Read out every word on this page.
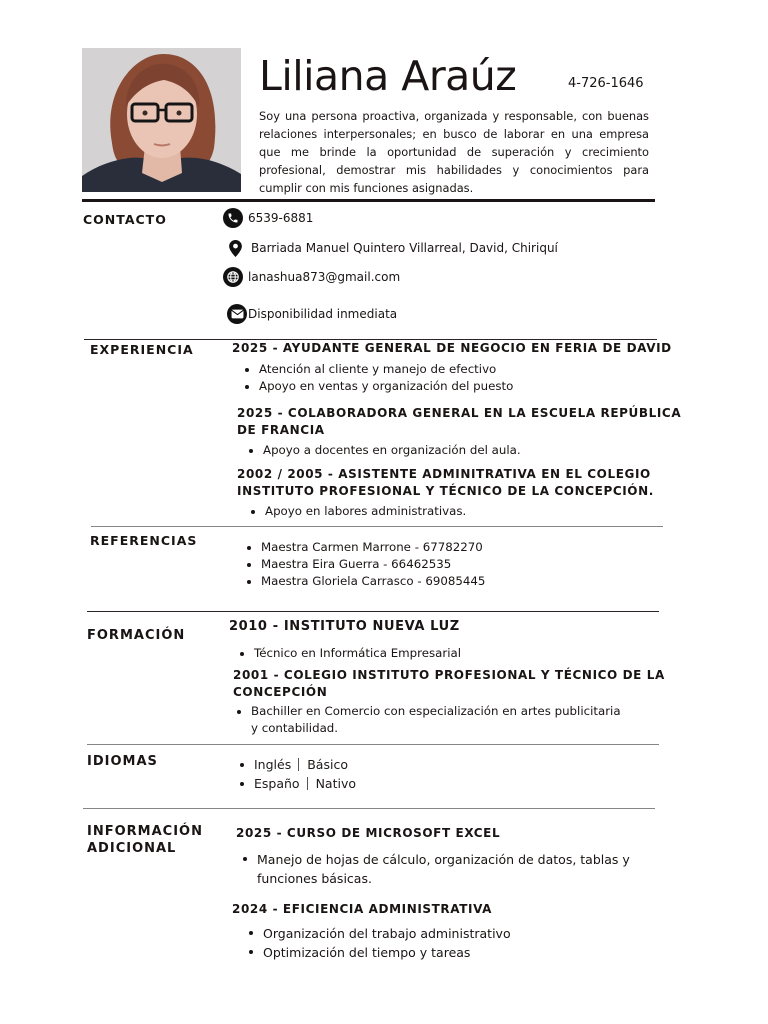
Liliana Araúz	4-726-1646

Soy una persona proactiva, organizada y responsable, con buenas relaciones interpersonales; en busco de laborar en una empresa que me brinde la oportunidad de superación y crecimiento profesional, demostrar mis habilidades y conocimientos para cumplir con mis funciones asignadas.

CONTACTO	6539-6881
Barriada Manuel Quintero Villarreal, David, Chiriquí
lanashua873@gmail.com
Disponibilidad inmediata
EXPERIENCIA	2025 - AYUDANTE GENERAL DE NEGOCIO EN FERIA DE DAVID
Atención al cliente y manejo de efectivo
Apoyo en ventas y organización del puesto
2025 - COLABORADORA GENERAL EN LA ESCUELA REPÚBLICA
DE FRANCIA
Apoyo a docentes en organización del aula.
2002 / 2005 - ASISTENTE ADMINITRATIVA EN EL COLEGIO
INSTITUTO PROFESIONAL Y TÉCNICO DE LA CONCEPCIÓN.
Apoyo en labores administrativas.
REFERENCIAS	Maestra Carmen Marrone - 67782270
Maestra Eira Guerra - 66462535
Maestra Gloriela Carrasco - 69085445
FORMACIÓN
2010 - INSTITUTO NUEVA LUZ
Técnico en Informática Empresarial
2001 - COLEGIO INSTITUTO PROFESIONAL Y TÉCNICO DE LA
CONCEPCIÓN
Bachiller en Comercio con especialización en artes publicitaria
y contabilidad.
IDIOMAS	Inglés Básico
Españo Nativo
INFORMACIÓN
ADICIONAL
2025 - CURSO DE MICROSOFT EXCEL
Manejo de hojas de cálculo, organización de datos, tablas y
funciones básicas.
2024 - EFICIENCIA ADMINISTRATIVA
Organización del trabajo administrativo
Optimización del tiempo y tareas
